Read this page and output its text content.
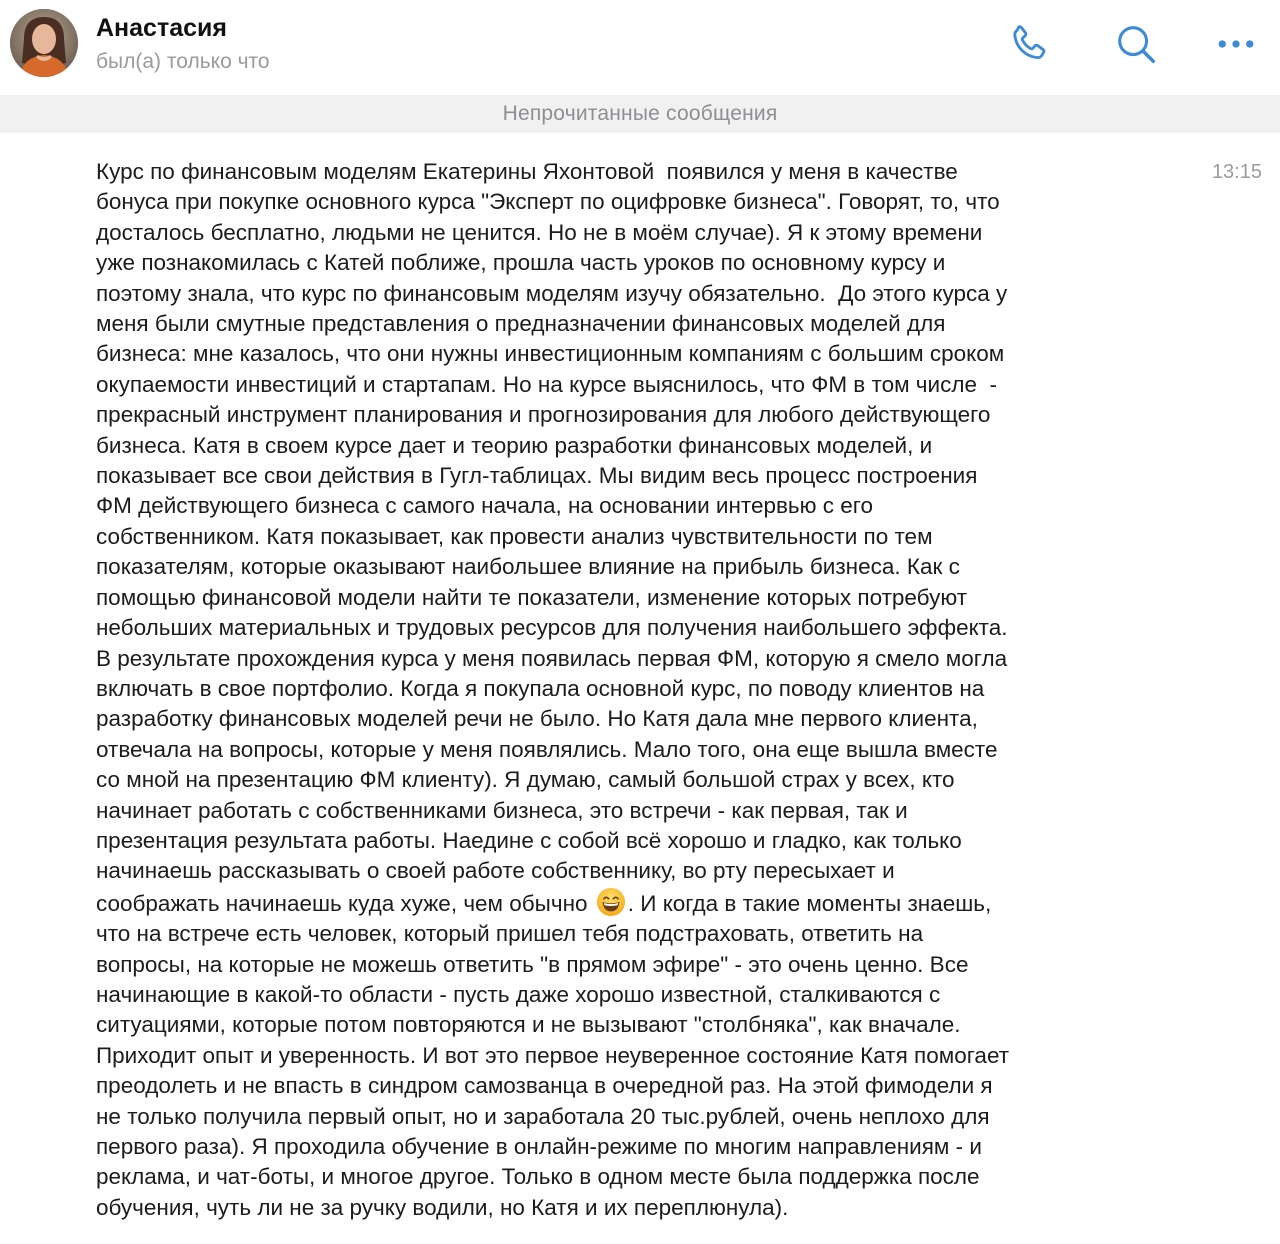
Анастасия
был(а) только что
Непрочитанные сообщения
13:15

Курс по финансовым моделям Екатерины Яхонтовой  появился у меня в качестве
бонуса при покупке основного курса "Эксперт по оцифровке бизнеса". Говорят, то, что
досталось бесплатно, людьми не ценится. Но не в моём случае). Я к этому времени
уже познакомилась с Катей поближе, прошла часть уроков по основному курсу и
поэтому знала, что курс по финансовым моделям изучу обязательно.  До этого курса у
меня были смутные представления о предназначении финансовых моделей для
бизнеса: мне казалось, что они нужны инвестиционным компаниям с большим сроком
окупаемости инвестиций и стартапам. Но на курсе выяснилось, что ФМ в том числе  -
прекрасный инструмент планирования и прогнозирования для любого действующего
бизнеса. Катя в своем курсе дает и теорию разработки финансовых моделей, и
показывает все свои действия в Гугл-таблицах. Мы видим весь процесс построения
ФМ действующего бизнеса с самого начала, на основании интервью с его
собственником. Катя показывает, как провести анализ чувствительности по тем
показателям, которые оказывают наибольшее влияние на прибыль бизнеса. Как с
помощью финансовой модели найти те показатели, изменение которых потребуют
небольших материальных и трудовых ресурсов для получения наибольшего эффекта.
В результате прохождения курса у меня появилась первая ФМ, которую я смело могла
включать в свое портфолио. Когда я покупала основной курс, по поводу клиентов на
разработку финансовых моделей речи не было. Но Катя дала мне первого клиента,
отвечала на вопросы, которые у меня появлялись. Мало того, она еще вышла вместе
со мной на презентацию ФМ клиенту). Я думаю, самый большой страх у всех, кто
начинает работать с собственниками бизнеса, это встречи - как первая, так и
презентация результата работы. Наедине с собой всё хорошо и гладко, как только
начинаешь рассказывать о своей работе собственнику, во рту пересыхает и
соображать начинаешь куда хуже, чем обычно . И когда в такие моменты знаешь,
что на встрече есть человек, который пришел тебя подстраховать, ответить на
вопросы, на которые не можешь ответить "в прямом эфире" - это очень ценно. Все
начинающие в какой-то области - пусть даже хорошо известной, сталкиваются с
ситуациями, которые потом повторяются и не вызывают "столбняка", как вначале.
Приходит опыт и уверенность. И вот это первое неуверенное состояние Катя помогает
преодолеть и не впасть в синдром самозванца в очередной раз. На этой фимодели я
не только получила первый опыт, но и заработала 20 тыс.рублей, очень неплохо для
первого раза). Я проходила обучение в онлайн-режиме по многим направлениям - и
реклама, и чат-боты, и многое другое. Только в одном месте была поддержка после
обучения, чуть ли не за ручку водили, но Катя и их переплюнула).
